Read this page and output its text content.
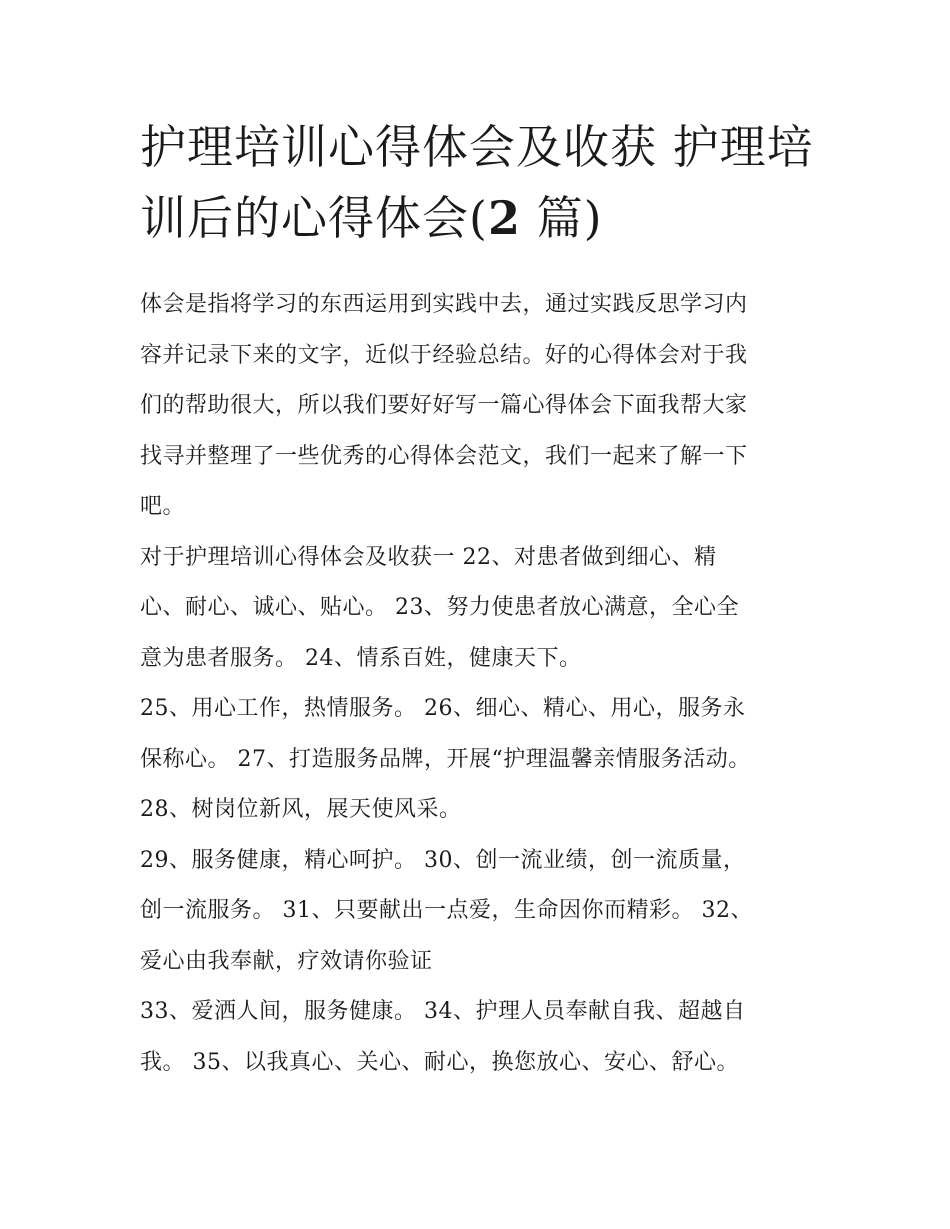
护理培训心得体会及收获 护理培训后的心得体会(2 篇)

体会是指将学习的东西运用到实践中去，通过实践反思学习内
容并记录下来的文字，近似于经验总结。好的心得体会对于我
们的帮助很大，所以我们要好好写一篇心得体会下面我帮大家
找寻并整理了一些优秀的心得体会范文，我们一起来了解一下
吧。

对于护理培训心得体会及收获一 22、对患者做到细心、精
心、耐心、诚心、贴心。 23、努力使患者放心满意，全心全
意为患者服务。 24、情系百姓，健康天下。

25、用心工作，热情服务。 26、细心、精心、用心，服务永
保称心。 27、打造服务品牌，开展“护理温馨亲情服务活动。
28、树岗位新风，展天使风采。

29、服务健康，精心呵护。 30、创一流业绩，创一流质量，
创一流服务。 31、只要献出一点爱，生命因你而精彩。 32、
爱心由我奉献，疗效请你验证

33、爱洒人间，服务健康。 34、护理人员奉献自我、超越自
我。 35、以我真心、关心、耐心，换您放心、安心、舒心。
